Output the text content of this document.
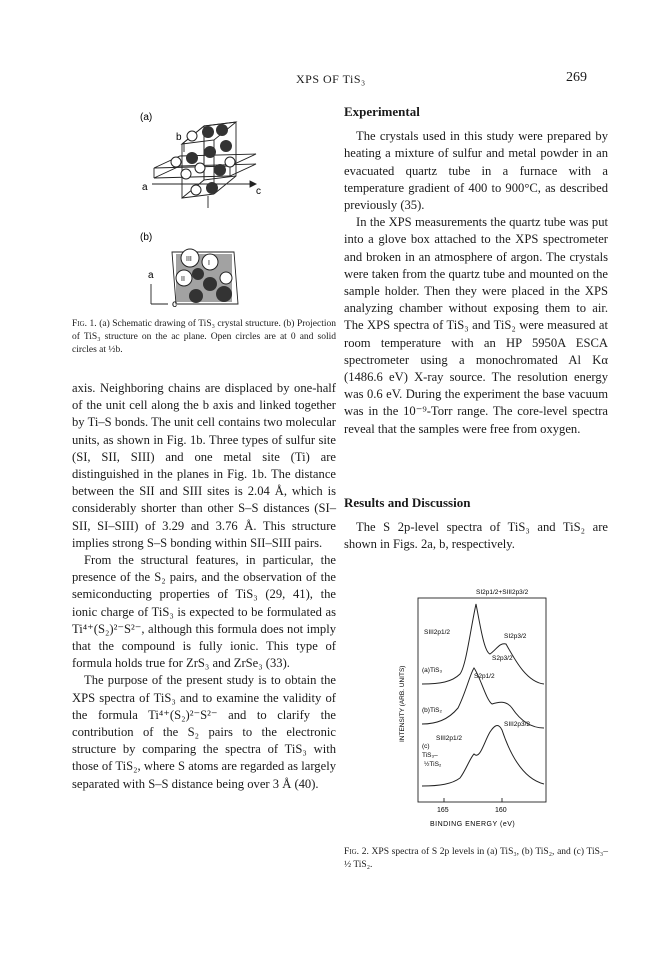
XPS OF TiS₃	269
(a)
b
a	c
(b)
III
I
II
a
c
Fig. 1. (a) Schematic drawing of TiS₃ crystal structure. (b) Projection of TiS₃ structure on the ac plane. Open circles are at 0 and solid circles at ½b.

axis. Neighboring chains are displaced by one-half of the unit cell along the b axis and linked together by Ti–S bonds. The unit cell contains two molecular units, as shown in Fig. 1b. Three types of sulfur site (SI, SII, SIII) and one metal site (Ti) are distinguished in the planes in Fig. 1b. The distance between the SII and SIII sites is 2.04 Å, which is considerably shorter than other S–S distances (SI–SII, SI–SIII) of 3.29 and 3.76 Å. This structure implies strong S–S bonding within SII–SIII pairs.

From the structural features, in particular, the presence of the S₂ pairs, and the observation of the semiconducting properties of TiS₃ (29, 41), the ionic charge of TiS₃ is expected to be formulated as Ti⁴⁺(S₂)²⁻S²⁻, although this formula does not imply that the compound is fully ionic. This type of formula holds true for ZrS₃ and ZrSe₃ (33).

The purpose of the present study is to obtain the XPS spectra of TiS₃ and to examine the validity of the formula Ti⁴⁺(S₂)²⁻S²⁻ and to clarify the contribution of the S₂ pairs to the electronic structure by comparing the spectra of TiS₃ with those of TiS₂, where S atoms are regarded as largely separated with S–S distance being over 3 Å (40).

Experimental

The crystals used in this study were prepared by heating a mixture of sulfur and metal powder in an evacuated quartz tube in a furnace with a temperature gradient of 400 to 900°C, as described previously (35).

In the XPS measurements the quartz tube was put into a glove box attached to the XPS spectrometer and broken in an atmosphere of argon. The crystals were taken from the quartz tube and mounted on the sample holder. Then they were placed in the XPS analyzing chamber without exposing them to air. The XPS spectra of TiS₃ and TiS₂ were measured at room temperature with an HP 5950A ESCA spectrometer using a monochromated Al Kα (1486.6 eV) X-ray source. The resolution energy was 0.6 eV. During the experiment the base vacuum was in the 10⁻⁹-Torr range. The core-level spectra reveal that the samples were free from oxygen.

Results and Discussion

The S 2p-level spectra of TiS₃ and TiS₂ are shown in Figs. 2a, b, respectively.

SI2p1/2+SIII2p3/2
INTENSITY (ARB. UNITS)
SIII2p1/2
SI2p3/2
S2p3/2
S2p1/2
(a)TiS₃
(b)TiS₂
SIII2p3/2
SIII2p1/2
(c)
TiS₃–
½TiS₂
165	160
BINDING ENERGY (eV)
Fig. 2. XPS spectra of S 2p levels in (a) TiS₃, (b) TiS₂, and (c) TiS₃–½ TiS₂.
